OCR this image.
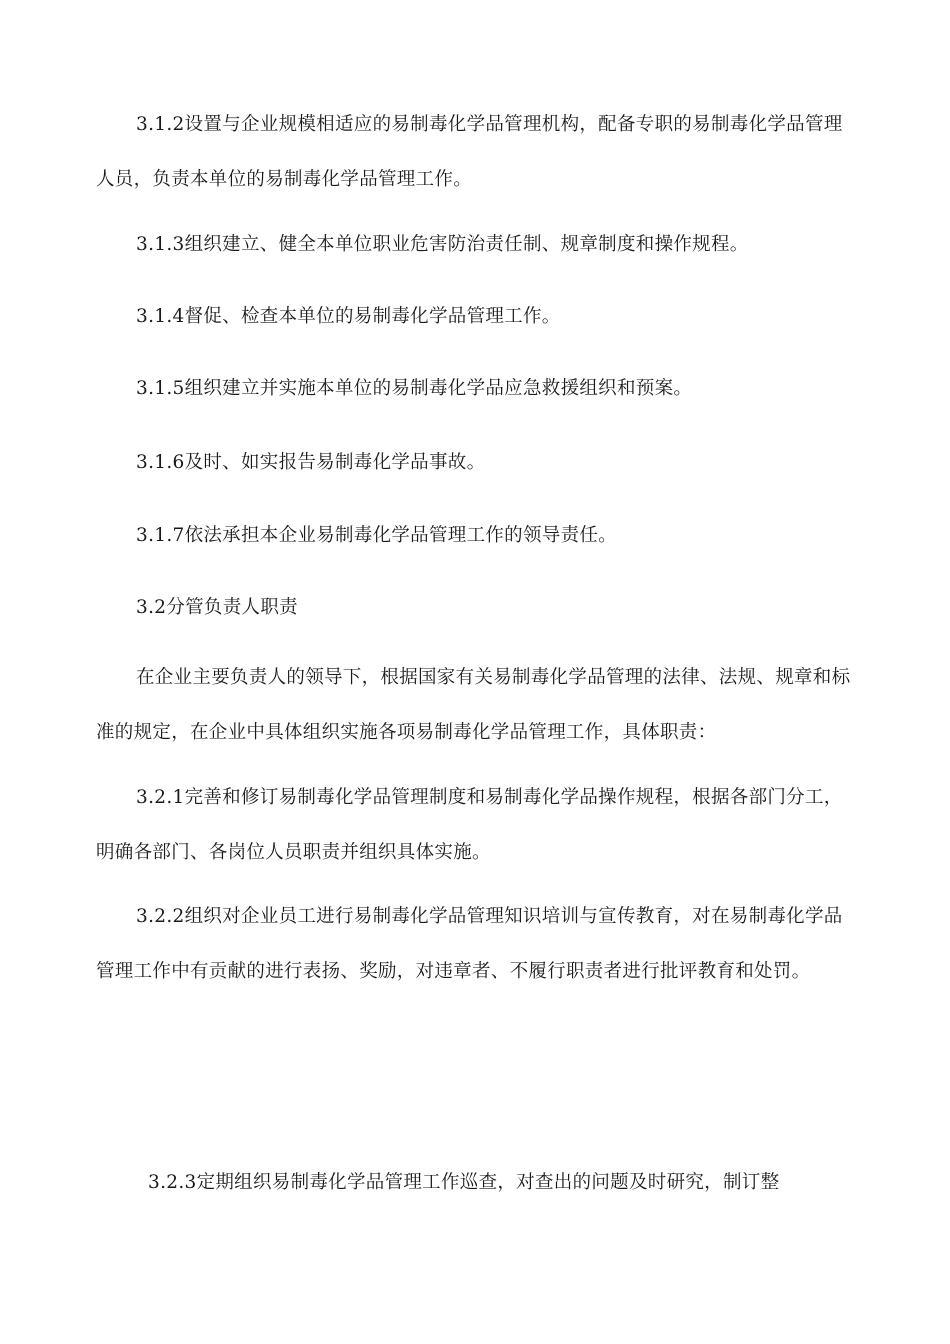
3.1.2设置与企业规模相适应的易制毒化学品管理机构，配备专职的易制毒化学品管理人员，负责本单位的易制毒化学品管理工作。

3.1.3组织建立、健全本单位职业危害防治责任制、规章制度和操作规程。

3.1.4督促、检查本单位的易制毒化学品管理工作。

3.1.5组织建立并实施本单位的易制毒化学品应急救援组织和预案。

3.1.6及时、如实报告易制毒化学品事故。

3.1.7依法承担本企业易制毒化学品管理工作的领导责任。

3.2分管负责人职责

在企业主要负责人的领导下，根据国家有关易制毒化学品管理的法律、法规、规章和标准的规定，在企业中具体组织实施各项易制毒化学品管理工作，具体职责：

3.2.1完善和修订易制毒化学品管理制度和易制毒化学品操作规程，根据各部门分工，明确各部门、各岗位人员职责并组织具体实施。

3.2.2组织对企业员工进行易制毒化学品管理知识培训与宣传教育，对在易制毒化学品管理工作中有贡献的进行表扬、奖励，对违章者、不履行职责者进行批评教育和处罚。

3.2.3定期组织易制毒化学品管理工作巡查，对查出的问题及时研究，制订整
